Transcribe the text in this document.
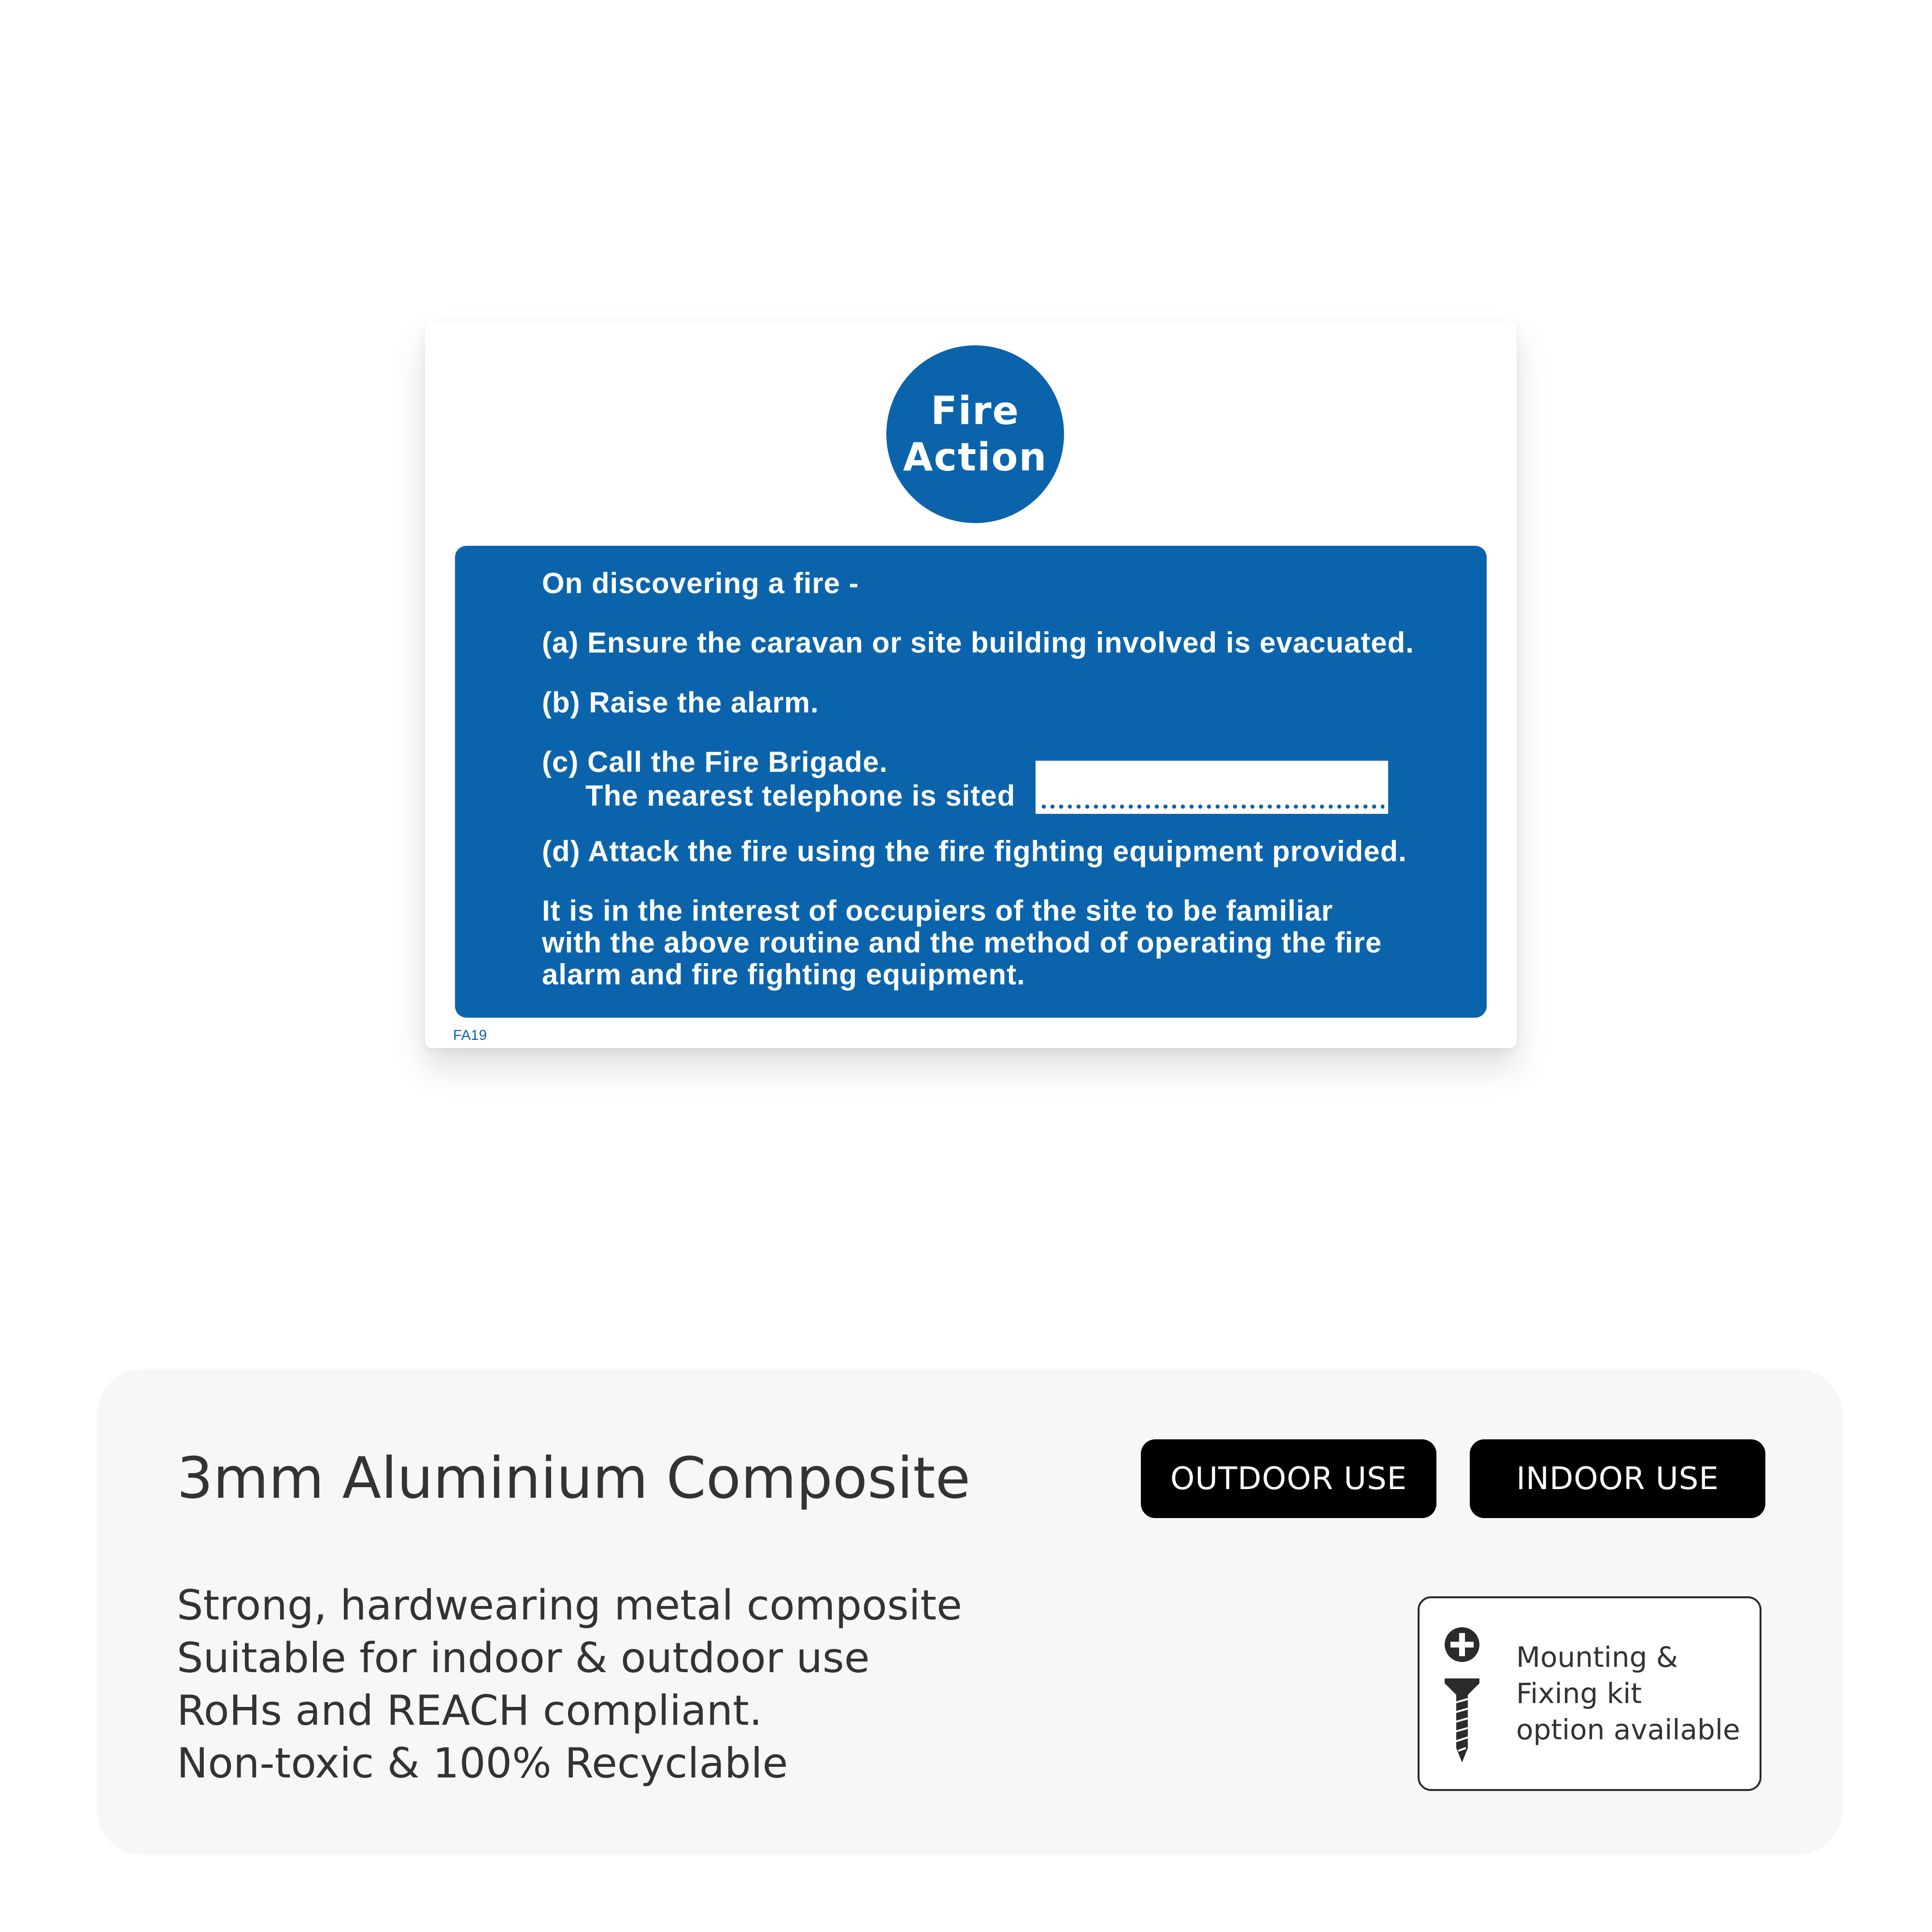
Fire
Action
On discovering a fire -
(a) Ensure the caravan or site building involved is evacuated.
(b) Raise the alarm.
(c) Call the Fire Brigade.
The nearest telephone is sited
(d) Attack the fire using the fire fighting equipment provided.
It is in the interest of occupiers of the site to be familiar
with the above routine and the method of operating the fire
alarm and fire fighting equipment.
FA19
3mm Aluminium Composite	OUTDOOR USE	INDOOR USE
Strong, hardwearing metal composite
Suitable for indoor & outdoor use
RoHs and REACH compliant.
Non-toxic & 100% Recyclable
Mounting &
Fixing kit
option available
